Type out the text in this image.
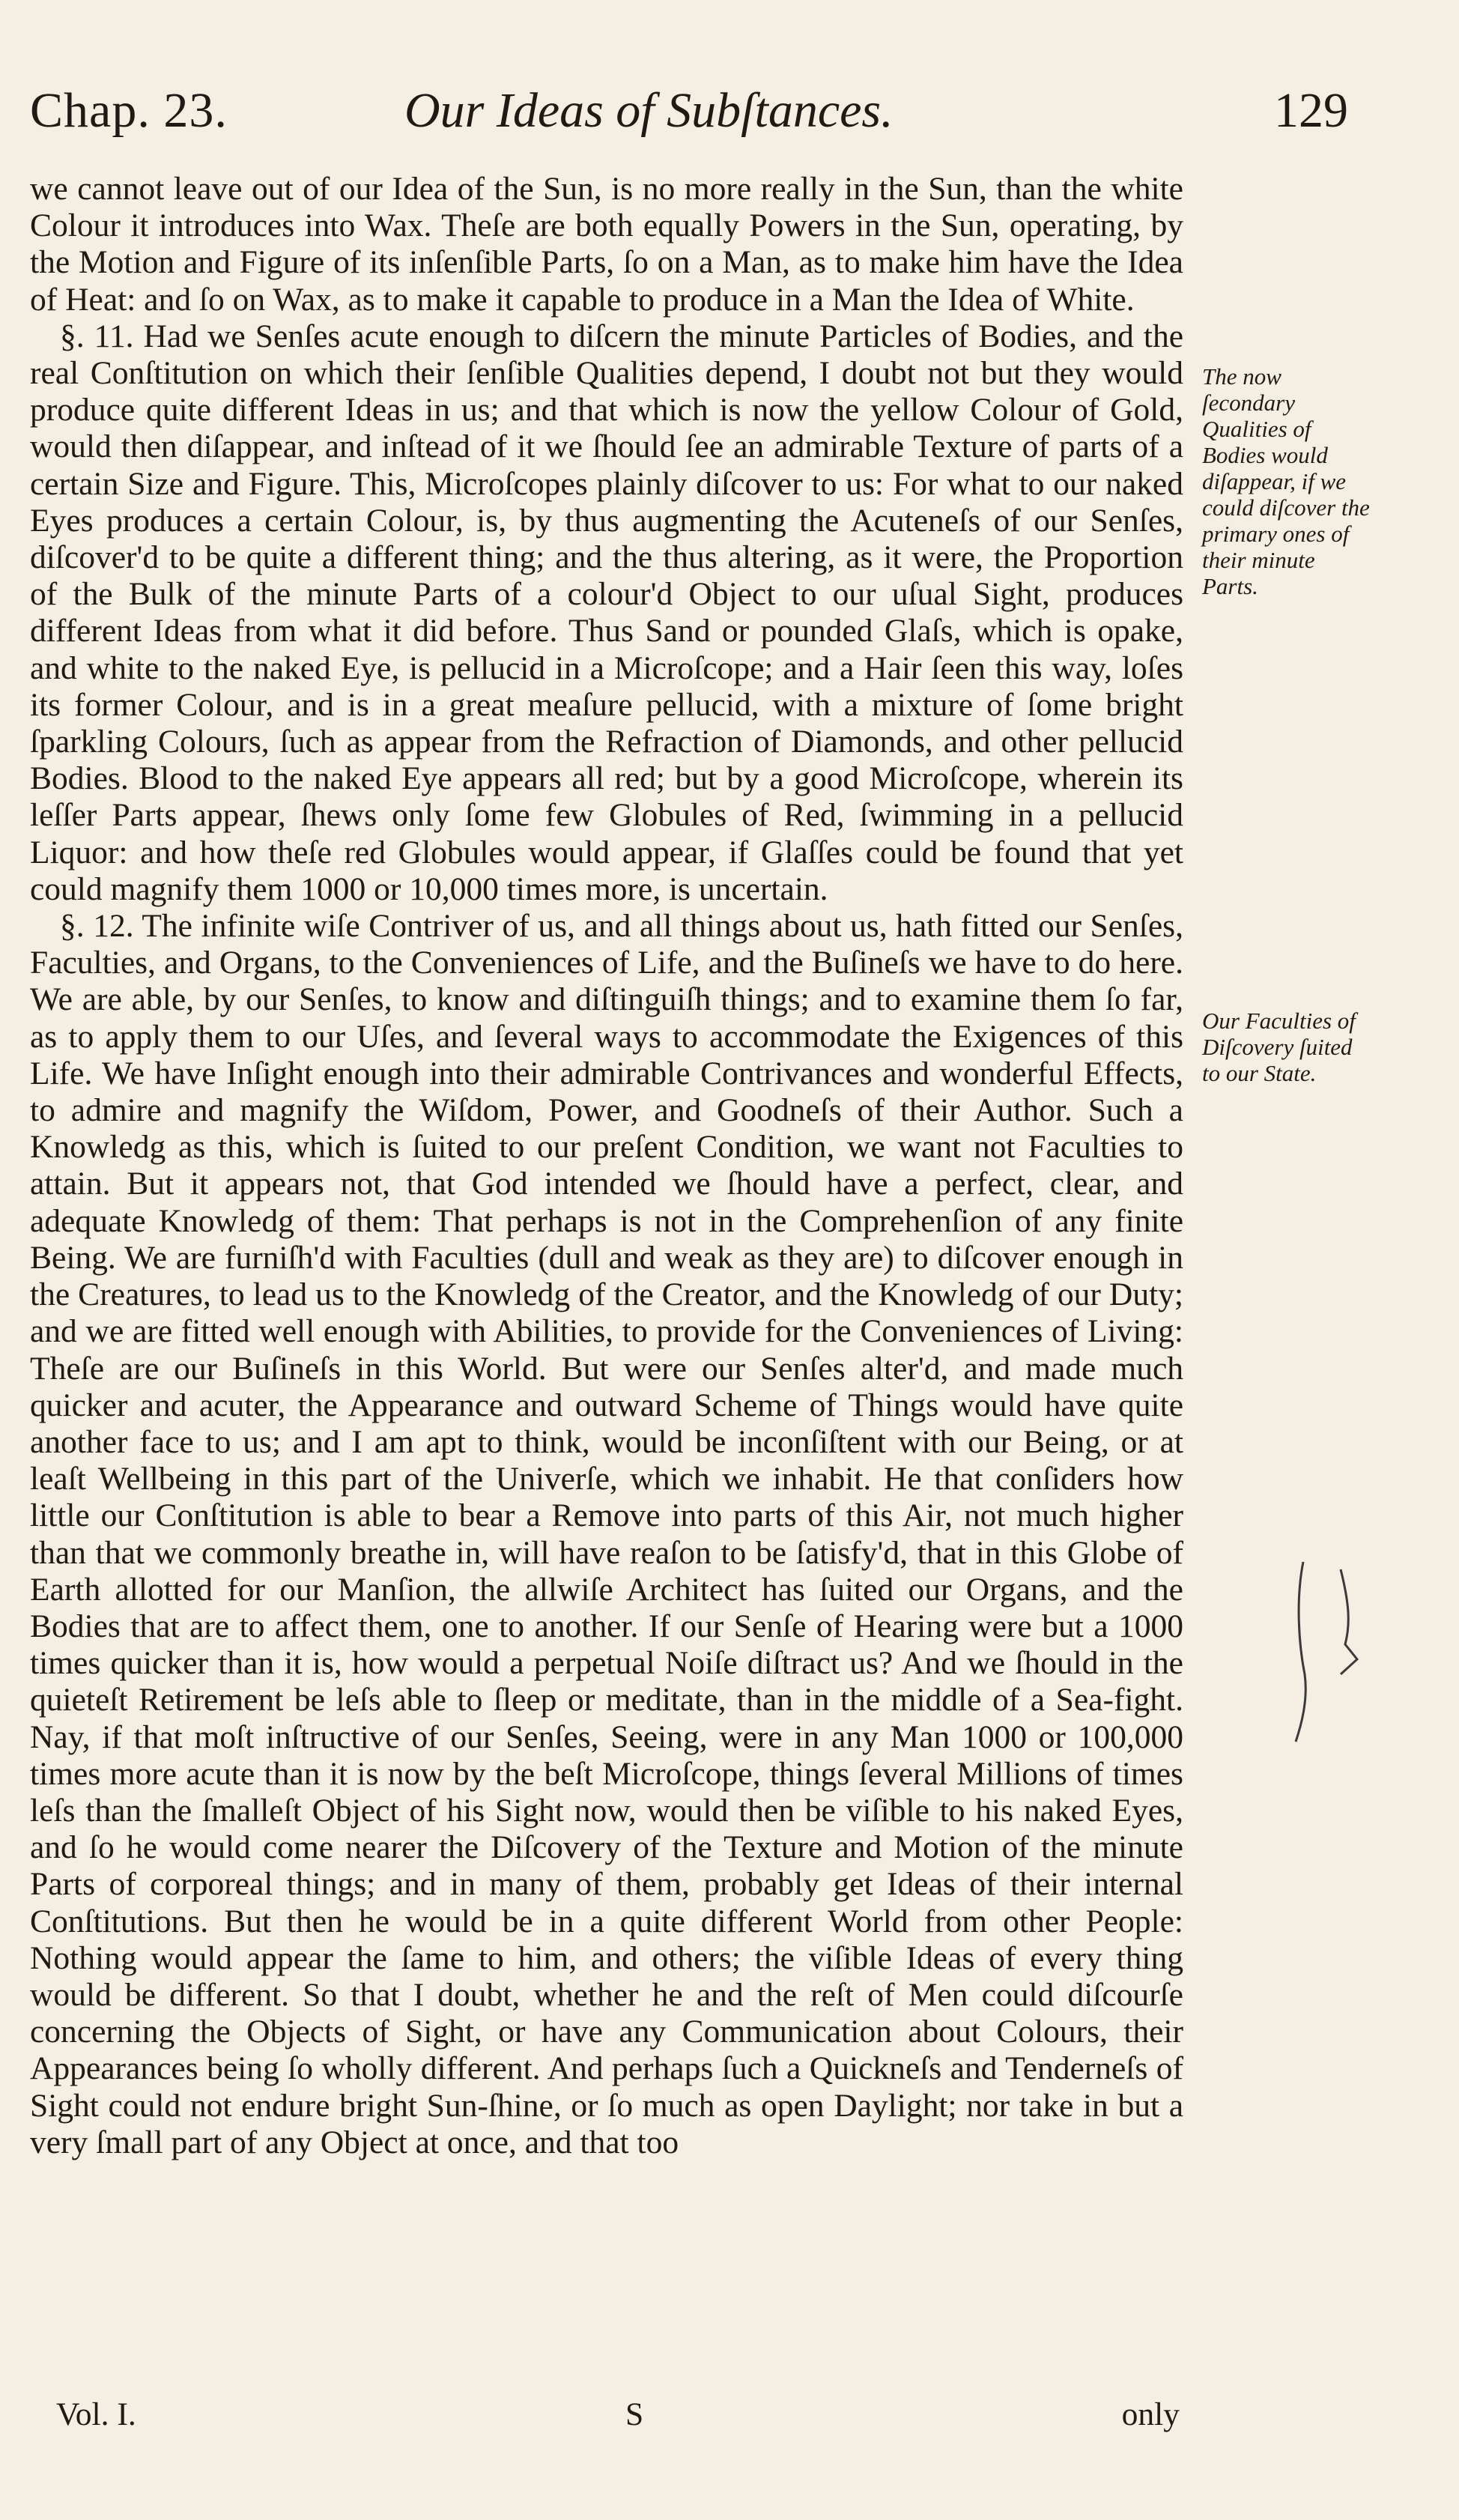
Chap. 23.	Our Ideas of Subſtances.	129

we cannot leave out of our Idea of the Sun, is no more really in the Sun, than the white Colour it introduces into Wax. Theſe are both equally Powers in the Sun, operating, by the Motion and Figure of its inſenſible Parts, ſo on a Man, as to make him have the Idea of Heat: and ſo on Wax, as to make it capable to produce in a Man the Idea of White.

§. 11. Had we Senſes acute enough to diſcern the minute Particles of Bodies, and the real Conſtitution on which their ſenſible Qualities depend, I doubt not but they would produce quite different Ideas in us; and that which is now the yellow Colour of Gold, would then diſappear, and inſtead of it we ſhould ſee an admirable Texture of parts of a certain Size and Figure. This, Microſcopes plainly diſcover to us: For what to our naked Eyes produces a certain Colour, is, by thus augmenting the Acuteneſs of our Senſes, diſcover'd to be quite a different thing; and the thus altering, as it were, the Proportion of the Bulk of the minute Parts of a colour'd Object to our uſual Sight, produces different Ideas from what it did before. Thus Sand or pounded Glaſs, which is opake, and white to the naked Eye, is pellucid in a Microſcope; and a Hair ſeen this way, loſes its former Colour, and is in a great meaſure pellucid, with a mixture of ſome bright ſparkling Colours, ſuch as appear from the Refraction of Diamonds, and other pellucid Bodies. Blood to the naked Eye appears all red; but by a good Microſcope, wherein its leſſer Parts appear, ſhews only ſome few Globules of Red, ſwimming in a pellucid Liquor: and how theſe red Globules would appear, if Glaſſes could be found that yet could magnify them 1000 or 10,000 times more, is uncertain.

§. 12. The infinite wiſe Contriver of us, and all things about us, hath fitted our Senſes, Faculties, and Organs, to the Conveniences of Life, and the Buſineſs we have to do here. We are able, by our Senſes, to know and diſtinguiſh things; and to examine them ſo far, as to apply them to our Uſes, and ſeveral ways to accommodate the Exigences of this Life. We have Inſight enough into their admirable Contrivances and wonderful Effects, to admire and magnify the Wiſdom, Power, and Goodneſs of their Author. Such a Knowledg as this, which is ſuited to our preſent Condition, we want not Faculties to attain. But it appears not, that God intended we ſhould have a perfect, clear, and adequate Knowledg of them: That perhaps is not in the Comprehenſion of any finite Being. We are furniſh'd with Faculties (dull and weak as they are) to diſcover enough in the Creatures, to lead us to the Knowledg of the Creator, and the Knowledg of our Duty; and we are fitted well enough with Abilities, to provide for the Conveniences of Living: Theſe are our Buſineſs in this World. But were our Senſes alter'd, and made much quicker and acuter, the Appearance and outward Scheme of Things would have quite another face to us; and I am apt to think, would be inconſiſtent with our Being, or at leaſt Wellbeing in this part of the Univerſe, which we inhabit. He that conſiders how little our Conſtitution is able to bear a Remove into parts of this Air, not much higher than that we commonly breathe in, will have reaſon to be ſatisfy'd, that in this Globe of Earth allotted for our Manſion, the allwiſe Architect has ſuited our Organs, and the Bodies that are to affect them, one to another. If our Senſe of Hearing were but a 1000 times quicker than it is, how would a perpetual Noiſe diſtract us? And we ſhould in the quieteſt Retirement be leſs able to ſleep or meditate, than in the middle of a Sea-fight. Nay, if that moſt inſtructive of our Senſes, Seeing, were in any Man 1000 or 100,000 times more acute than it is now by the beſt Microſcope, things ſeveral Millions of times leſs than the ſmalleſt Object of his Sight now, would then be viſible to his naked Eyes, and ſo he would come nearer the Diſcovery of the Texture and Motion of the minute Parts of corporeal things; and in many of them, probably get Ideas of their internal Conſtitutions. But then he would be in a quite different World from other People: Nothing would appear the ſame to him, and others; the viſible Ideas of every thing would be different. So that I doubt, whether he and the reſt of Men could diſcourſe concerning the Objects of Sight, or have any Communication about Colours, their Appearances being ſo wholly different. And perhaps ſuch a Quickneſs and Tenderneſs of Sight could not endure bright Sun-ſhine, or ſo much as open Daylight; nor take in but a very ſmall part of any Object at once, and that too

The now ſecondary Qualities of Bodies would diſappear, if we could diſcover the primary ones of their minute Parts.
Our Faculties of Diſcovery ſuited to our State.
Vol. I.	S	only
